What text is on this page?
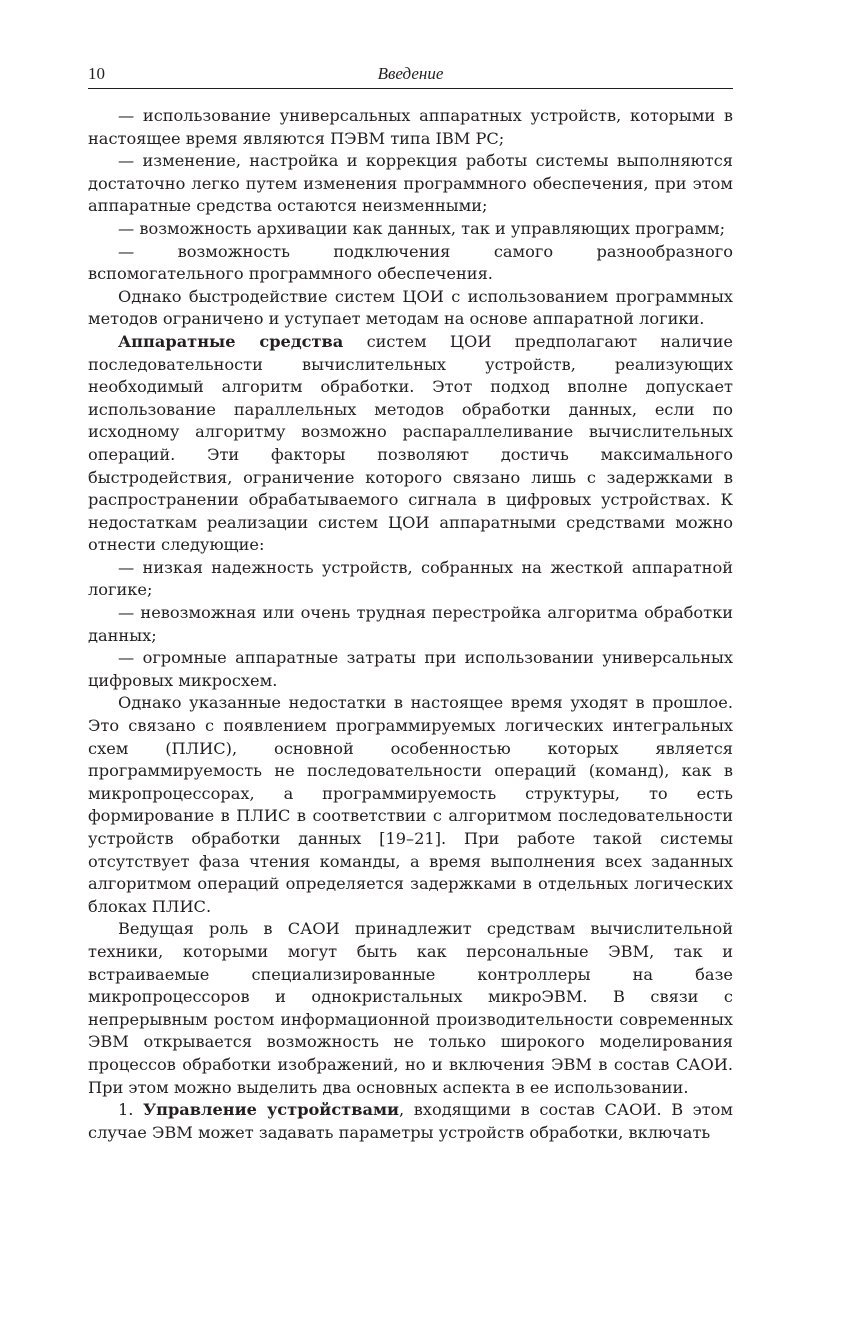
10	Введение

— использование универсальных аппаратных устройств, которыми в настоящее время являются ПЭВМ типа IBM PC;

— изменение, настройка и коррекция работы системы выполняются достаточно легко путем изменения программного обеспечения, при этом аппаратные средства остаются неизменными;

— возможность архивации как данных, так и управляющих программ;

— возможность подключения самого разнообразного вспомогательного программного обеспечения.

Однако быстродействие систем ЦОИ с использованием программных методов ограничено и уступает методам на основе аппаратной логики.

Аппаратные средства систем ЦОИ предполагают наличие последовательности вычислительных устройств, реализующих необходимый алгоритм обработки. Этот подход вполне допускает использование параллельных методов обработки данных, если по исходному алгоритму возможно распараллеливание вычислительных операций. Эти факторы позволяют достичь максимального быстродействия, ограничение которого связано лишь с задержками в распространении обрабатываемого сигнала в цифровых устройствах. К недостаткам реализации систем ЦОИ аппаратными средствами можно отнести следующие:

— низкая надежность устройств, собранных на жесткой аппаратной логике;

— невозможная или очень трудная перестройка алгоритма обработки данных;

— огромные аппаратные затраты при использовании универсальных цифровых микросхем.

Однако указанные недостатки в настоящее время уходят в прошлое. Это связано с появлением программируемых логических интегральных схем (ПЛИС), основной особенностью которых является программируемость не последовательности операций (команд), как в микропроцессорах, а программируемость структуры, то есть формирование в ПЛИС в соответствии с алгоритмом последовательности устройств обработки данных [19–21]. При работе такой системы отсутствует фаза чтения команды, а время выполнения всех заданных алгоритмом операций определяется задержками в отдельных логических блоках ПЛИС.

Ведущая роль в САОИ принадлежит средствам вычислительной техники, которыми могут быть как персональные ЭВМ, так и встраиваемые специализированные контроллеры на базе микропроцессоров и однокристальных микроЭВМ. В связи с непрерывным ростом информационной производительности современных ЭВМ открывается возможность не только широкого моделирования процессов обработки изображений, но и включения ЭВМ в состав САОИ. При этом можно выделить два основных аспекта в ее использовании.

1. Управление устройствами, входящими в состав САОИ. В этом случае ЭВМ может задавать параметры устройств обработки, включать
